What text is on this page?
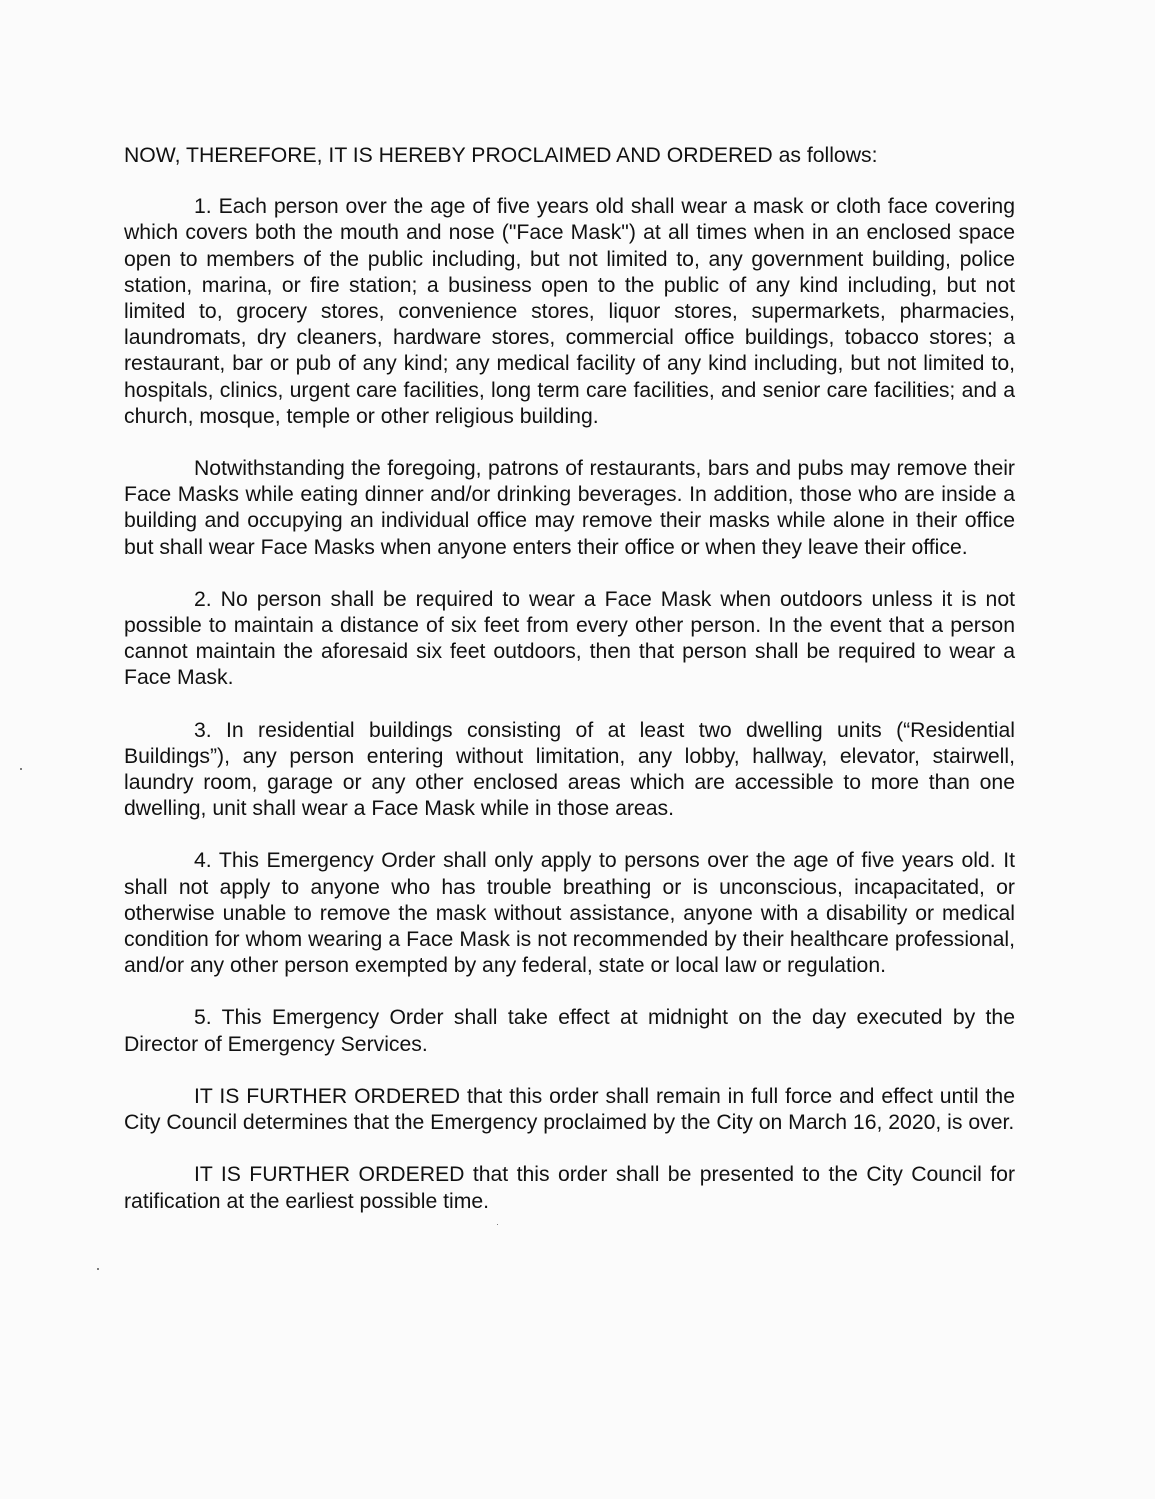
NOW, THEREFORE, IT IS HEREBY PROCLAIMED AND ORDERED as follows:

1. Each person over the age of five years old shall wear a mask or cloth face covering which covers both the mouth and nose ("Face Mask") at all times when in an enclosed space open to members of the public including, but not limited to, any government building, police station, marina, or fire station; a business open to the public of any kind including, but not limited to, grocery stores, convenience stores, liquor stores, supermarkets, pharmacies, laundromats, dry cleaners, hardware stores, commercial office buildings, tobacco stores; a restaurant, bar or pub of any kind; any medical facility of any kind including, but not limited to, hospitals, clinics, urgent care facilities, long term care facilities, and senior care facilities; and a church, mosque, temple or other religious building.

Notwithstanding the foregoing, patrons of restaurants, bars and pubs may remove their Face Masks while eating dinner and/or drinking beverages. In addition, those who are inside a building and occupying an individual office may remove their masks while alone in their office but shall wear Face Masks when anyone enters their office or when they leave their office.

2. No person shall be required to wear a Face Mask when outdoors unless it is not possible to maintain a distance of six feet from every other person. In the event that a person cannot maintain the aforesaid six feet outdoors, then that person shall be required to wear a Face Mask.

3. In residential buildings consisting of at least two dwelling units (“Residential Buildings”), any person entering without limitation, any lobby, hallway, elevator, stairwell, laundry room, garage or any other enclosed areas which are accessible to more than one dwelling, unit shall wear a Face Mask while in those areas.

4. This Emergency Order shall only apply to persons over the age of five years old. It shall not apply to anyone who has trouble breathing or is unconscious, incapacitated, or otherwise unable to remove the mask without assistance, anyone with a disability or medical condition for whom wearing a Face Mask is not recommended by their healthcare professional, and/or any other person exempted by any federal, state or local law or regulation.

5. This Emergency Order shall take effect at midnight on the day executed by the Director of Emergency Services.

IT IS FURTHER ORDERED that this order shall remain in full force and effect until the City Council determines that the Emergency proclaimed by the City on March 16, 2020, is over.

IT IS FURTHER ORDERED that this order shall be presented to the City Council for ratification at the earliest possible time.
